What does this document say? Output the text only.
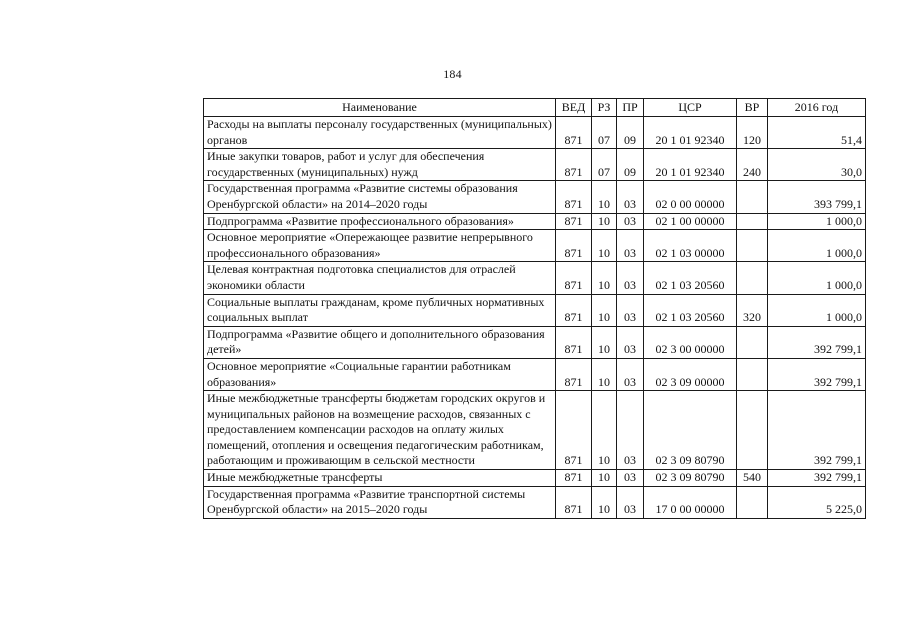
184
Наименование	ВЕД	РЗ	ПР	ЦСР	ВР	2016 год
Расходы на выплаты персоналу государственных (муниципальных) органов	871	07	09	20 1 01 92340	120	51,4
Иные закупки товаров, работ и услуг для обеспечения государственных (муниципальных) нужд	871	07	09	20 1 01 92340	240	30,0
Государственная программа «Развитие системы образования Оренбургской области» на 2014–2020 годы	871	10	03	02 0 00 00000		393 799,1
Подпрограмма «Развитие профессионального образования»	871	10	03	02 1 00 00000		1 000,0
Основное мероприятие «Опережающее развитие непрерывного профессионального образования»	871	10	03	02 1 03 00000		1 000,0
Целевая контрактная подготовка специалистов для отраслей экономики области	871	10	03	02 1 03 20560		1 000,0
Социальные выплаты гражданам, кроме публичных нормативных социальных выплат	871	10	03	02 1 03 20560	320	1 000,0
Подпрограмма «Развитие общего и дополнительного образования детей»	871	10	03	02 3 00 00000		392 799,1
Основное мероприятие «Социальные гарантии работникам образования»	871	10	03	02 3 09 00000		392 799,1
Иные межбюджетные трансферты бюджетам городских округов и муниципальных районов на возмещение расходов, связанных с предоставлением компенсации расходов на оплату жилых помещений, отопления и освещения педагогическим работникам, работающим и проживающим в сельской местности	871	10	03	02 3 09 80790		392 799,1
Иные межбюджетные трансферты	871	10	03	02 3 09 80790	540	392 799,1
Государственная программа «Развитие транспортной системы Оренбургской области» на 2015–2020 годы	871	10	03	17 0 00 00000		5 225,0
